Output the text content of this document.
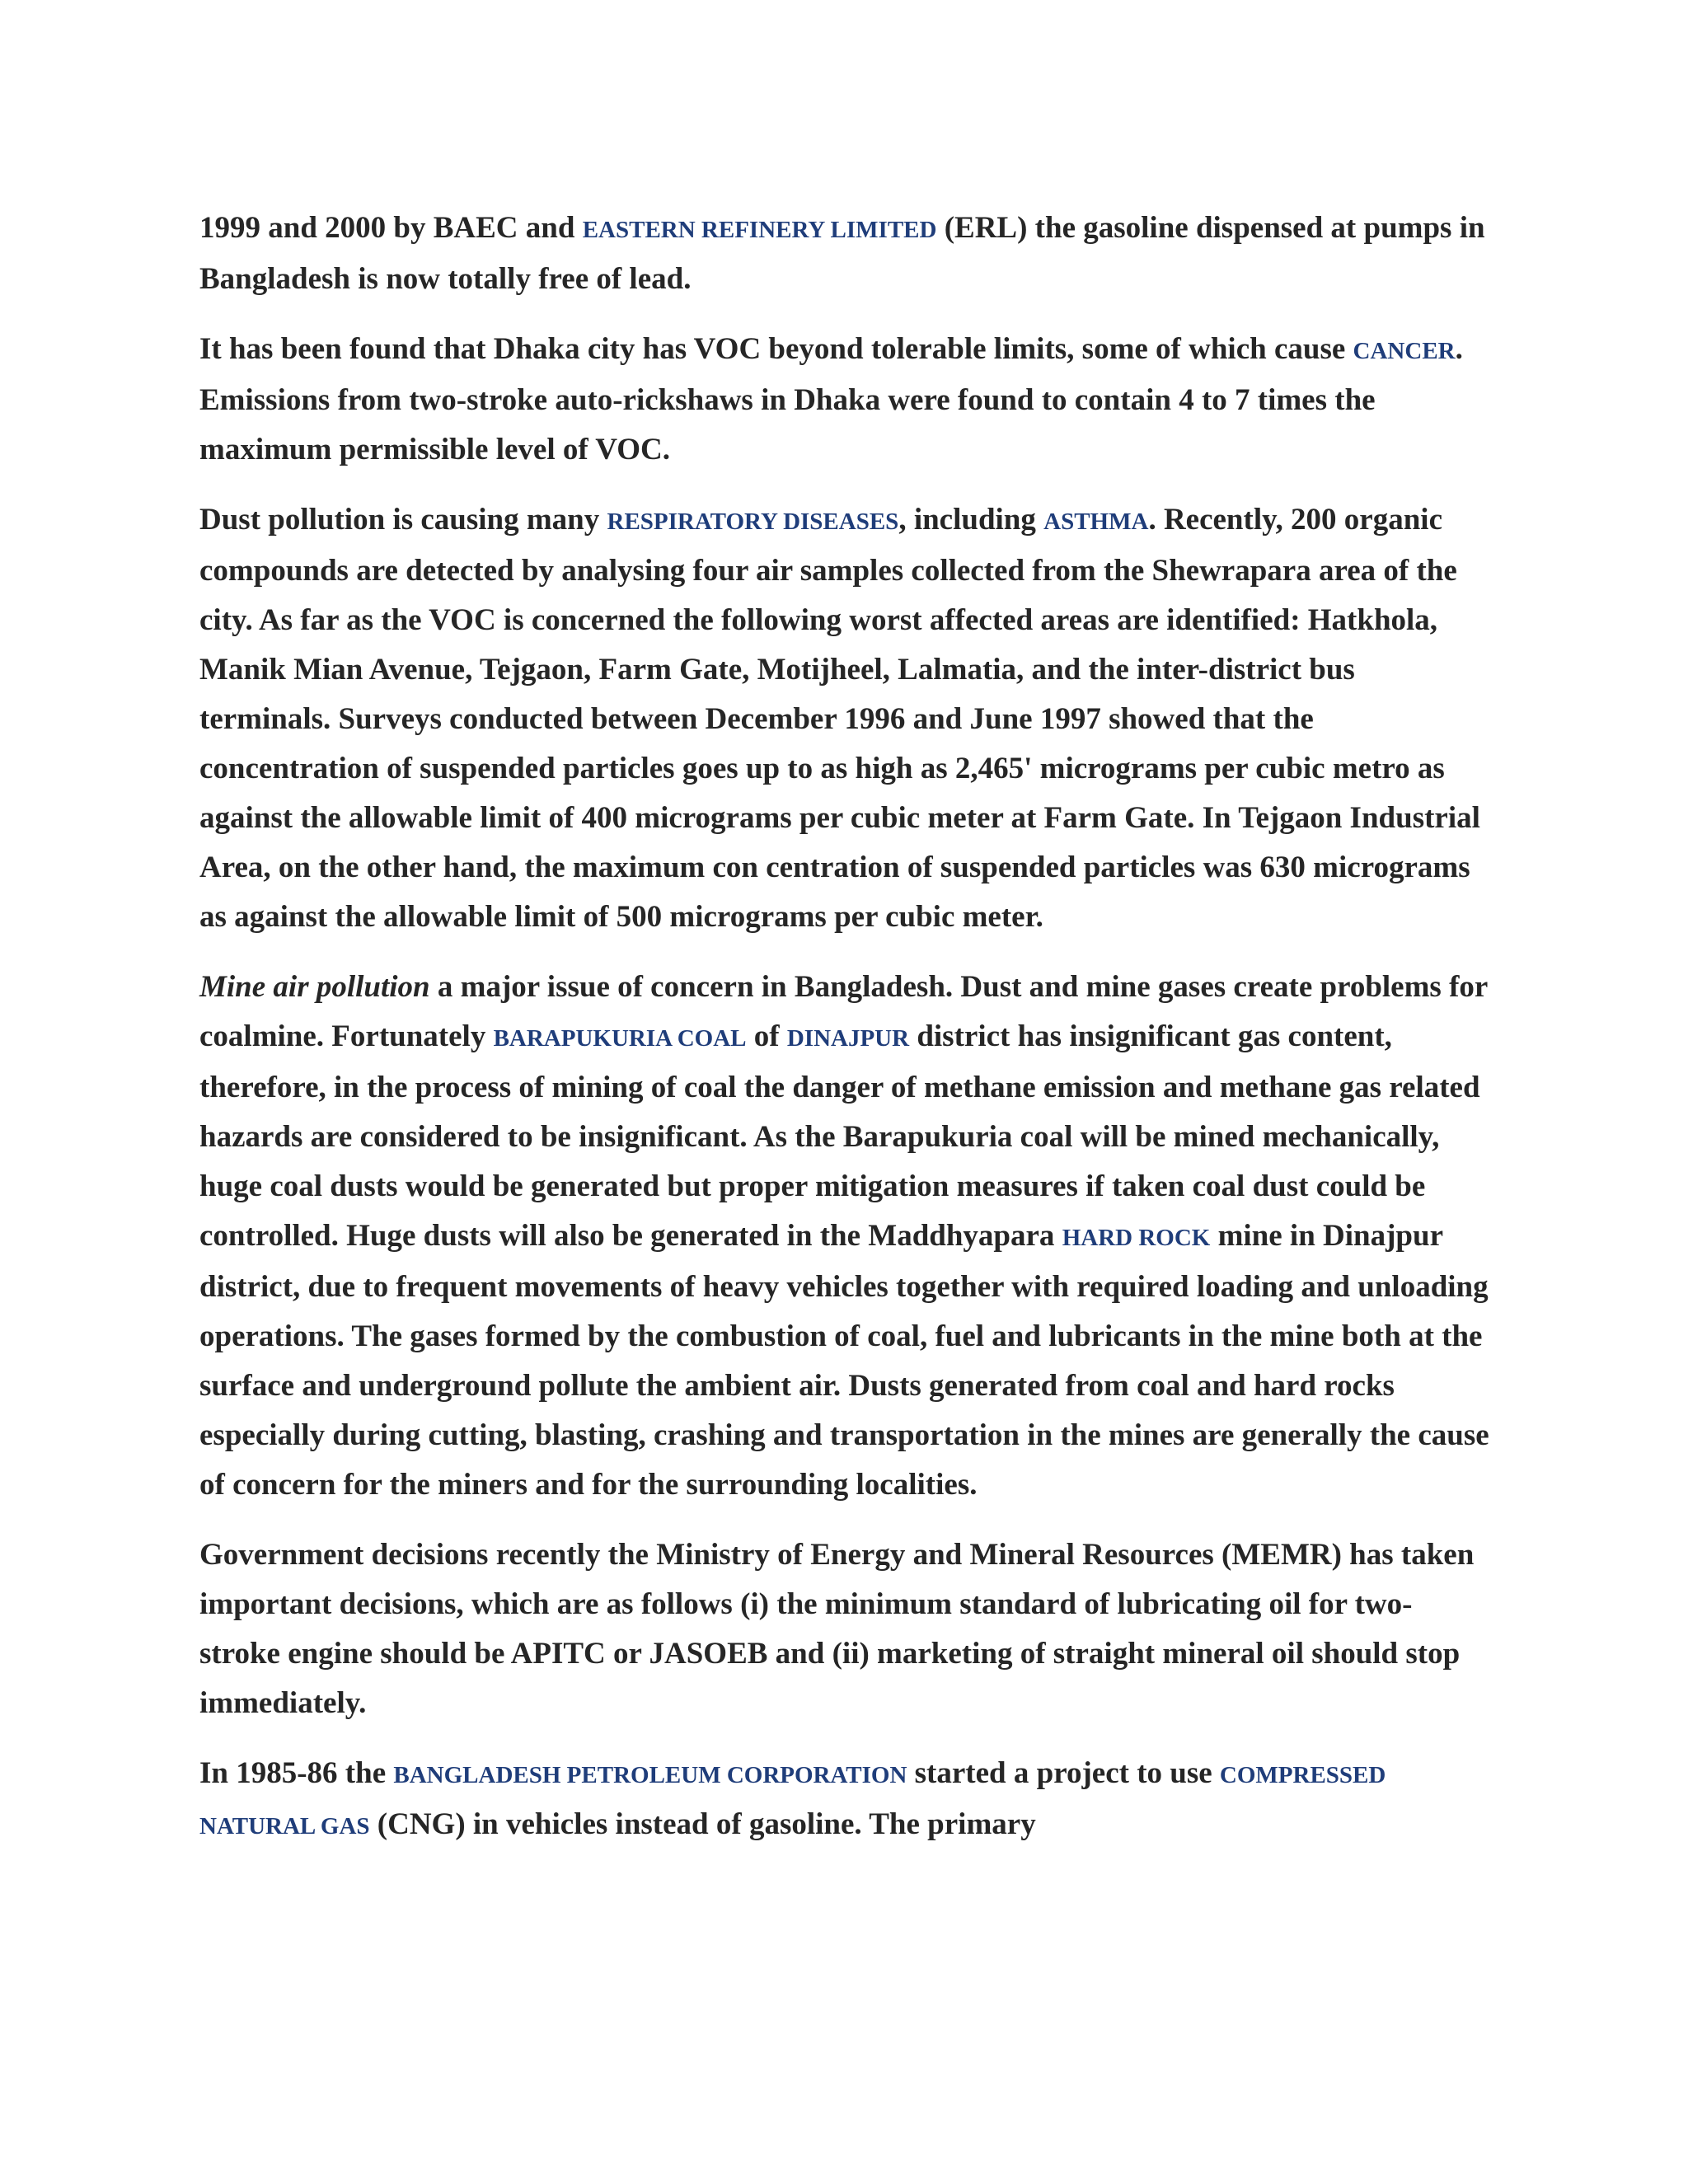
1999 and 2000 by BAEC and EASTERN REFINERY LIMITED (ERL) the gasoline dispensed at pumps in Bangladesh is now totally free of lead.

It has been found that Dhaka city has VOC beyond tolerable limits, some of which cause CANCER. Emissions from two-stroke auto-rickshaws in Dhaka were found to contain 4 to 7 times the maximum permissible level of VOC.

Dust pollution is causing many RESPIRATORY DISEASES, including ASTHMA. Recently, 200 organic compounds are detected by analysing four air samples collected from the Shewrapara area of the city. As far as the VOC is concerned the following worst affected areas are identified: Hatkhola, Manik Mian Avenue, Tejgaon, Farm Gate, Motijheel, Lalmatia, and the inter-district bus terminals. Surveys conducted between December 1996 and June 1997 showed that the concentration of suspended particles goes up to as high as 2,465' micrograms per cubic metro as against the allowable limit of 400 micrograms per cubic meter at Farm Gate. In Tejgaon Industrial Area, on the other hand, the maximum con centration of suspended particles was 630 micrograms as against the allowable limit of 500 micrograms per cubic meter.

Mine air pollution a major issue of concern in Bangladesh. Dust and mine gases create problems for coalmine. Fortunately BARAPUKURIA COAL of DINAJPUR district has insignificant gas content, therefore, in the process of mining of coal the danger of methane emission and methane gas related hazards are considered to be insignificant. As the Barapukuria coal will be mined mechanically, huge coal dusts would be generated but proper mitigation measures if taken coal dust could be controlled. Huge dusts will also be generated in the Maddhyapara HARD ROCK mine in Dinajpur district, due to frequent movements of heavy vehicles together with required loading and unloading operations. The gases formed by the combustion of coal, fuel and lubricants in the mine both at the surface and underground pollute the ambient air. Dusts generated from coal and hard rocks especially during cutting, blasting, crashing and transportation in the mines are generally the cause of concern for the miners and for the surrounding localities.

Government decisions recently the Ministry of Energy and Mineral Resources (MEMR) has taken important decisions, which are as follows (i) the minimum standard of lubricating oil for two- stroke engine should be APITC or JASOEB and (ii) marketing of straight mineral oil should stop immediately.

In 1985-86 the BANGLADESH PETROLEUM CORPORATION started a project to use COMPRESSED NATURAL GAS (CNG) in vehicles instead of gasoline. The primary
